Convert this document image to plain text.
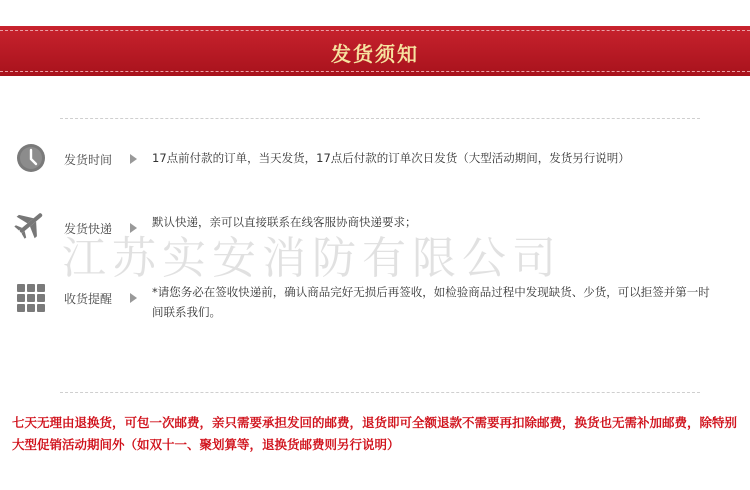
发货须知
发货时间	17点前付款的订单，当天发货，17点后付款的订单次日发货（大型活动期间，发货另行说明）
发货快递	默认快递，亲可以直接联系在线客服协商快递要求；
收货提醒	*请您务必在签收快递前，确认商品完好无损后再签收，如检验商品过程中发现缺货、少货，可以拒签并第一时间联系我们。
江苏实安消防有限公司
七天无理由退换货，可包一次邮费，亲只需要承担发回的邮费，退货即可全额退款不需要再扣除邮费，换货也无需补加邮费，除特别大型促销活动期间外（如双十一、聚划算等，退换货邮费则另行说明）
